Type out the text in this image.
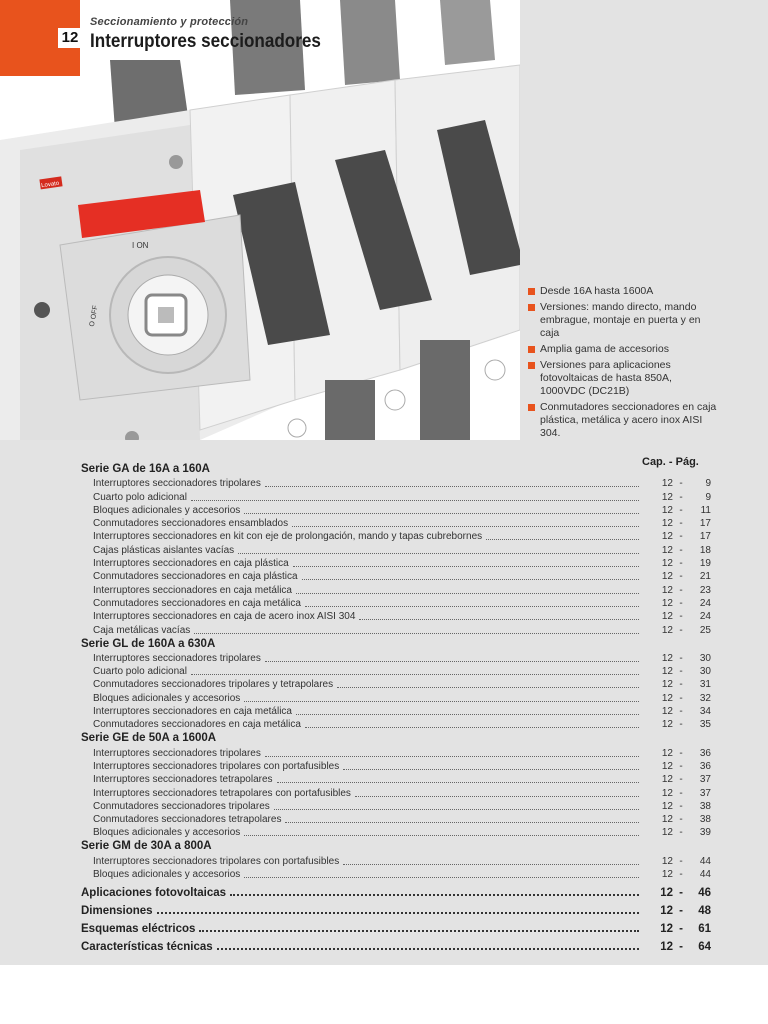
Lovato
I ON
O OFF
12
Seccionamiento y protección
Interruptores seccionadores
Desde 16A hasta 1600A
Versiones: mando directo, mando embrague, montaje en puerta y en caja
Amplia gama de accesorios
Versiones para aplicaciones fotovoltaicas de hasta 850A, 1000VDC (DC21B)
Conmutadores seccionadores en caja plástica, metálica y acero inox AISI 304.
Cap. - Pág.
Serie GA de 16A a 160A
Interruptores seccionadores tripolares	12 -	9
Cuarto polo adicional	12 -	9
Bloques adicionales y accesorios	12 -	11
Conmutadores seccionadores ensamblados	12 -	17
Interruptores seccionadores en kit con eje de prolongación, mando y tapas cubrebornes	12 -	17
Cajas plásticas aislantes vacías	12 -	18
Interruptores seccionadores en caja plástica	12 -	19
Conmutadores seccionadores en caja plástica	12 -	21
Interruptores seccionadores en caja metálica	12 -	23
Conmutadores seccionadores en caja metálica	12 -	24
Interruptores seccionadores en caja de acero inox AISI 304	12 -	24
Caja metálicas vacías	12 -	25
Serie GL de 160A a 630A
Interruptores seccionadores tripolares	12 -	30
Cuarto polo adicional	12 -	30
Conmutadores seccionadores tripolares y tetrapolares	12 -	31
Bloques adicionales y accesorios	12 -	32
Interruptores seccionadores en caja metálica	12 -	34
Conmutadores seccionadores en caja metálica	12 -	35
Serie GE de 50A a 1600A
Interruptores seccionadores tripolares	12 -	36
Interruptores seccionadores tripolares con portafusibles	12 -	36
Interruptores seccionadores tetrapolares	12 -	37
Interruptores seccionadores tetrapolares con portafusibles	12 -	37
Conmutadores seccionadores tripolares	12 -	38
Conmutadores seccionadores tetrapolares	12 -	38
Bloques adicionales y accesorios	12 -	39
Serie GM de 30A a 800A
Interruptores seccionadores tripolares con portafusibles	12 -	44
Bloques adicionales y accesorios	12 -	44
Aplicaciones fotovoltaicas	12 -	46
Dimensiones	12 -	48
Esquemas eléctricos	12 -	61
Características técnicas	12 -	64
